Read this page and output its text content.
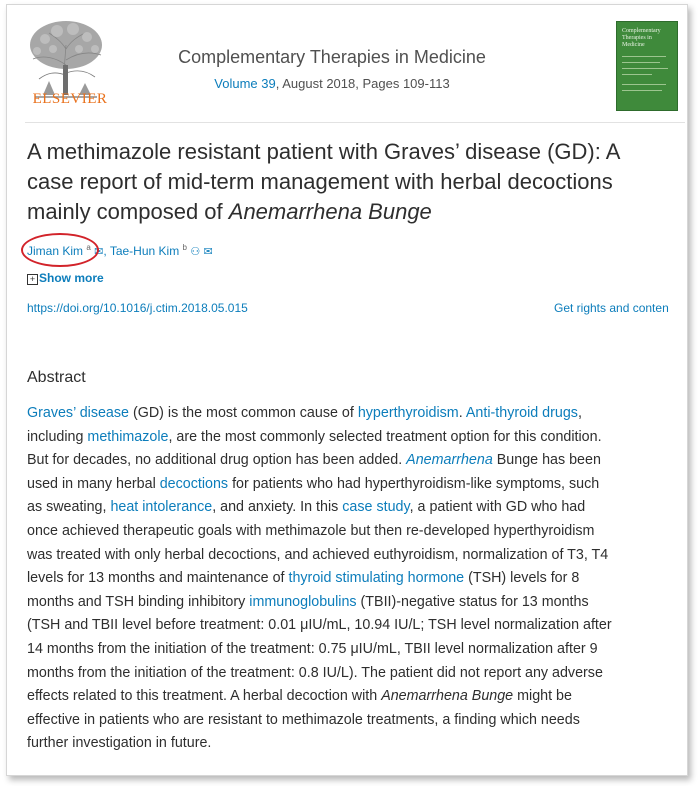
ELSEVIER
Complementary Therapies in Medicine
Volume 39, August 2018, Pages 109-113
Complementary Therapies in Medicine
A methimazole resistant patient with Graves’ disease (GD): A case report of mid-term management with herbal decoctions mainly composed of Anemarrhena Bunge
Jiman Kim $^a$ ✉, Tae-Hun Kim $^b$ ⚇ ✉
+ Show more
https://doi.org/10.1016/j.ctim.2018.05.015	Get rights and conten
Abstract
Graves’ disease (GD) is the most common cause of hyperthyroidism. Anti-thyroid drugs,
including methimazole, are the most commonly selected treatment option for this condition.
But for decades, no additional drug option has been added. Anemarrhena Bunge has been
used in many herbal decoctions for patients who had hyperthyroidism-like symptoms, such
as sweating, heat intolerance, and anxiety. In this case study, a patient with GD who had
once achieved therapeutic goals with methimazole but then re-developed hyperthyroidism
was treated with only herbal decoctions, and achieved euthyroidism, normalization of T3, T4
levels for 13 months and maintenance of thyroid stimulating hormone (TSH) levels for 8
months and TSH binding inhibitory immunoglobulins (TBII)-negative status for 13 months
(TSH and TBII level before treatment: 0.01 μIU/mL, 10.94 IU/L; TSH level normalization after
14 months from the initiation of the treatment: 0.75 μIU/mL, TBII level normalization after 9
months from the initiation of the treatment: 0.8 IU/L). The patient did not report any adverse
effects related to this treatment. A herbal decoction with Anemarrhena Bunge might be
effective in patients who are resistant to methimazole treatments, a finding which needs
further investigation in future.
